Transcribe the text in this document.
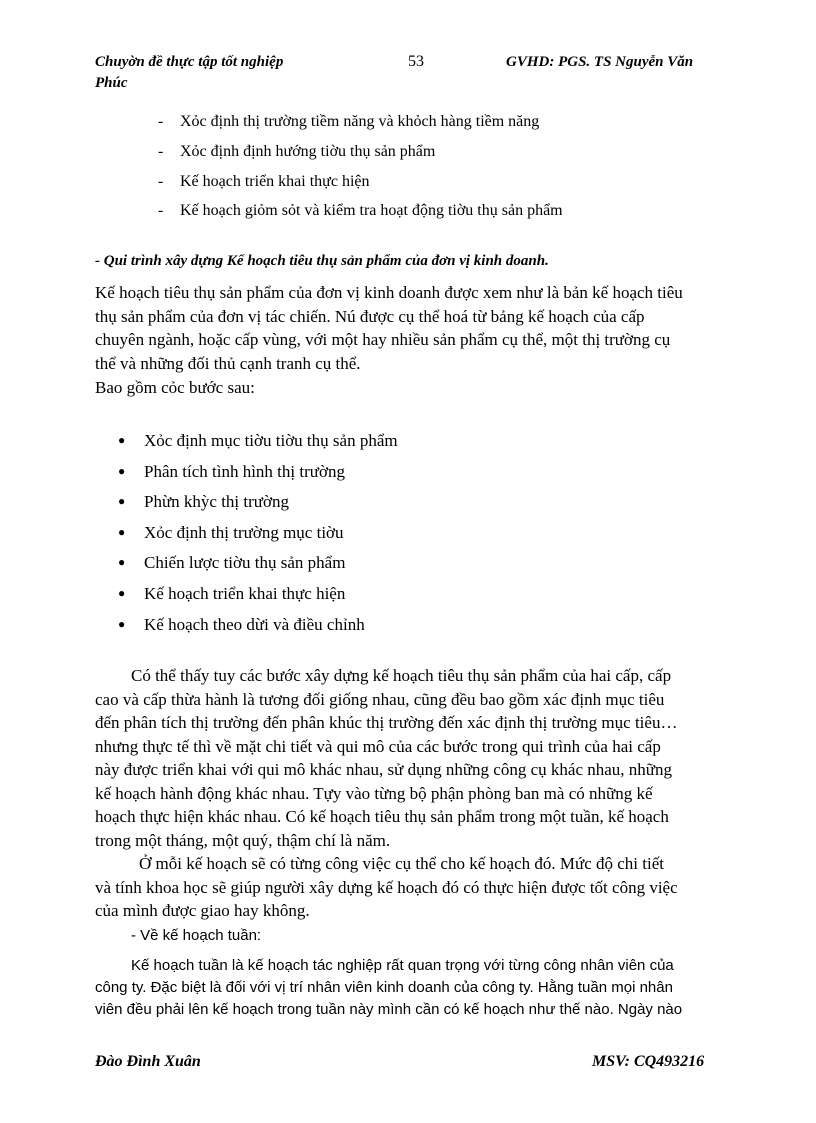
Chuyờn đề thực tập tốt nghiệp
Phúc
53	GVHD: PGS. TS Nguyễn Văn
- Xỏc định thị trường tiềm năng và khỏch hàng tiềm năng
- Xỏc định định hướng tiờu thụ sản phẩm
- Kế hoạch triển khai thực hiện
- Kế hoạch giỏm sỏt và kiểm tra hoạt động tiờu thụ sản phẩm
- Qui trình xây dựng Kế hoạch tiêu thụ sản phẩm của đơn vị kinh doanh.
Kế hoạch tiêu thụ sản phẩm của đơn vị kinh doanh được xem như là bản kế hoạch tiêu
thụ sản phẩm của đơn vị tác chiến. Nú được cụ thể hoá từ bảng kế hoạch của cấp
chuyên ngành, hoặc cấp vùng, với một hay nhiều sản phẩm cụ thể, một thị trường cụ
thể và những đối thủ cạnh tranh cụ thể.
Bao gồm cỏc bước sau:
● Xỏc định mục tiờu tiờu thụ sản phẩm
● Phân tích tình hình thị trường
● Phừn khỳc thị trường
● Xỏc định thị trường mục tiờu
● Chiến lược tiờu thụ sản phẩm
● Kế hoạch triển khai thực hiện
● Kế hoạch theo dừi và điều chỉnh
Có thể thấy tuy các bước xây dựng kế hoạch tiêu thụ sản phẩm của hai cấp, cấp
cao và cấp thừa hành là tương đối giống nhau, cũng đều bao gồm xác định mục tiêu
đến phân tích thị trường đến phân khúc thị trường đến xác định thị trường mục tiêu…
nhưng thực tế thì về mặt chi tiết và qui mô của các bước trong qui trình của hai cấp
này được triển khai với qui mô khác nhau, sử dụng những công cụ khác nhau, những
kế hoạch hành động khác nhau. Tựy vào từng bộ phận phòng ban mà có những kế
hoạch thực hiện khác nhau. Có kế hoạch tiêu thụ sản phẩm trong một tuần, kế hoạch
trong một tháng, một quý, thậm chí là năm.
Ở mỗi kế hoạch sẽ có từng công việc cụ thể cho kế hoạch đó. Mức độ chi tiết
và tính khoa học sẽ giúp người xây dựng kế hoạch đó có thực hiện được tốt công việc
của mình được giao hay không.
- Về kế hoạch tuần:
Kế hoạch tuần là kế hoạch tác nghiệp rất quan trọng với từng công nhân viên của
công ty. Đặc biệt là đối với vị trí nhân viên kinh doanh của công ty. Hằng tuần mọi nhân
viên đều phải lên kế hoạch trong tuần này mình cần có kế hoạch như thế nào. Ngày nào
Đào Đình Xuân	MSV: CQ493216
